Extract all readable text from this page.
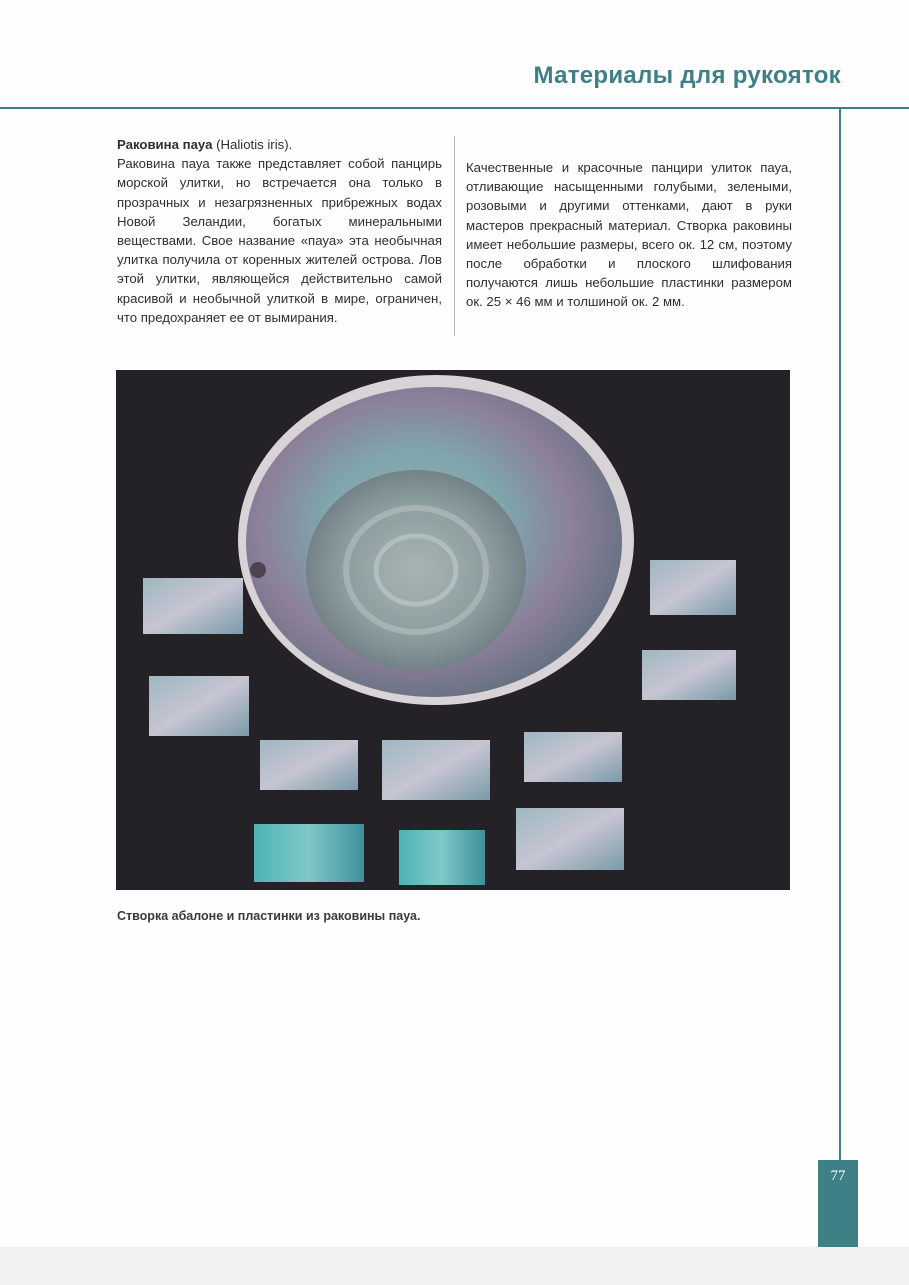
Материалы для рукояток
Раковина пауа (Haliotis iris).
Раковина пауа также представляет собой панцирь морской улитки, но встречается она только в прозрачных и незагрязненных прибрежных водах Новой Зеландии, богатых минеральными веществами. Свое название «пауа» эта необычная улитка получила от коренных жителей острова. Лов этой улитки, являющейся действительно самой красивой и необычной улиткой в мире, ограничен, что предохраняет ее от вымирания.
Качественные и красочные панцири улиток пауа, отливающие насыщенными голубыми, зелеными, розовыми и другими оттенками, дают в руки мастеров прекрасный материал. Створка раковины имеет небольшие размеры, всего ок. 12 см, поэтому после обработки и плоского шлифования получаются лишь небольшие пластинки размером ок. 25 × 46 мм и толшиной ок. 2 мм.
Створка абалоне и пластинки из раковины пауа.
77
